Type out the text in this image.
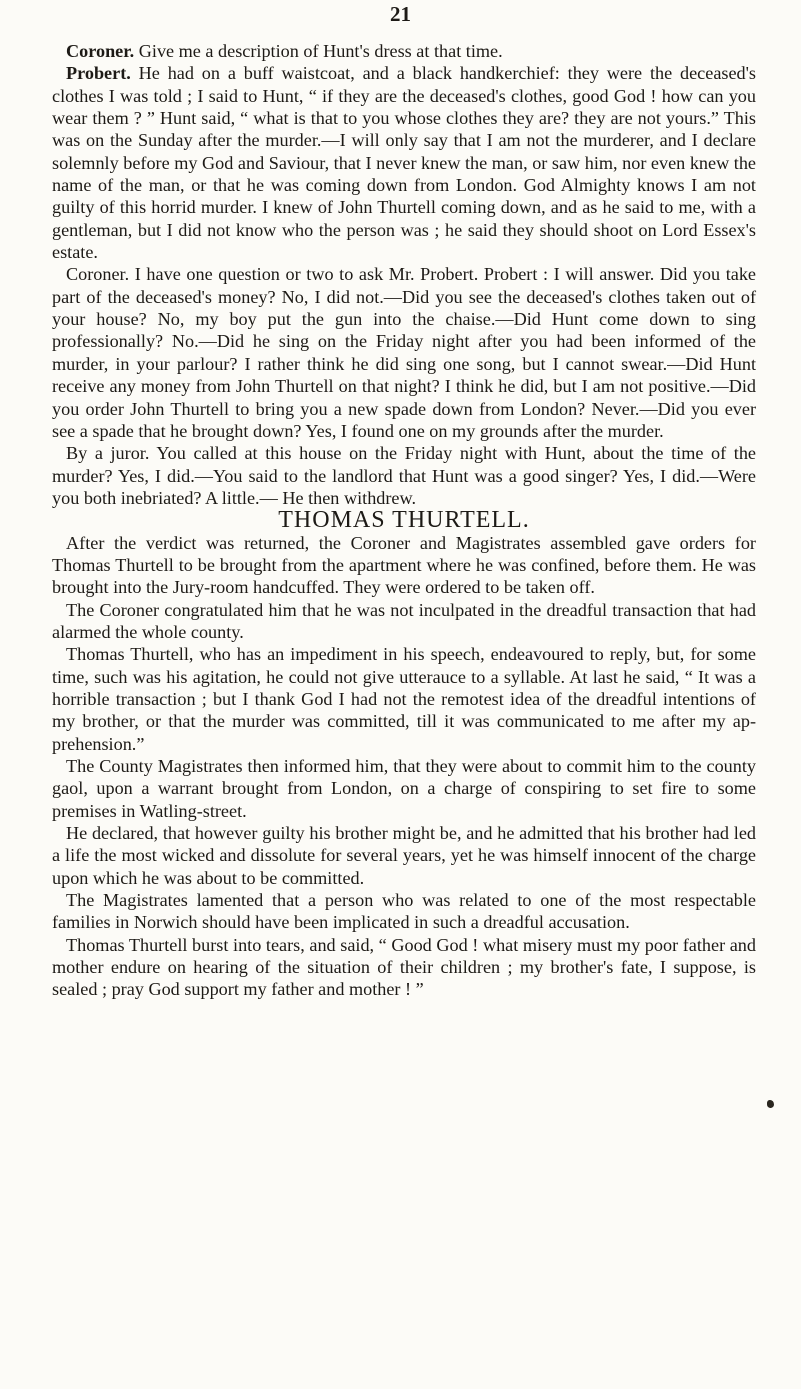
21

Coroner. Give me a description of Hunt's dress at that time.

Probert. He had on a buff waistcoat, and a black handkerchief: they were the deceased's clothes I was told ; I said to Hunt, “ if they are the deceased's clothes, good God ! how can you wear them ? ” Hunt said, “ what is that to you whose clothes they are? they are not yours.” This was on the Sunday after the murder.—I will only say that I am not the murderer, and I declare solemnly before my God and Saviour, that I never knew the man, or saw him, nor even knew the name of the man, or that he was coming down from London. God Almighty knows I am not guilty of this horrid murder. I knew of John Thurtell coming down, and as he said to me, with a gentleman, but I did not know who the person was ; he said they should shoot on Lord Essex's estate.

Coroner. I have one question or two to ask Mr. Probert. Probert : I will answer. Did you take part of the deceased's money? No, I did not.—Did you see the deceased's clothes taken out of your house? No, my boy put the gun into the chaise.—Did Hunt come down to sing professionally? No.—Did he sing on the Friday night after you had been informed of the murder, in your parlour? I rather think he did sing one song, but I cannot swear.—Did Hunt receive any money from John Thurtell on that night? I think he did, but I am not positive.—Did you order John Thurtell to bring you a new spade down from London? Never.—Did you ever see a spade that he brought down? Yes, I found one on my grounds after the murder.

By a juror. You called at this house on the Friday night with Hunt, about the time of the murder? Yes, I did.—You said to the landlord that Hunt was a good singer? Yes, I did.—Were you both inebriated? A little.— He then withdrew.

THOMAS THURTELL.

After the verdict was returned, the Coroner and Magistrates assembled gave orders for Thomas Thurtell to be brought from the apartment where he was confined, before them. He was brought into the Jury-room handcuffed. They were ordered to be taken off.

The Coroner congratulated him that he was not inculpated in the dreadful transaction that had alarmed the whole county.

Thomas Thurtell, who has an impediment in his speech, endeavoured to reply, but, for some time, such was his agitation, he could not give utterauce to a syllable. At last he said, “ It was a horrible transaction ; but I thank God I had not the remotest idea of the dreadful intentions of my brother, or that the murder was committed, till it was communicated to me after my ap-prehension.”

The County Magistrates then informed him, that they were about to commit him to the county gaol, upon a warrant brought from London, on a charge of conspiring to set fire to some premises in Watling-street.

He declared, that however guilty his brother might be, and he admitted that his brother had led a life the most wicked and dissolute for several years, yet he was himself innocent of the charge upon which he was about to be committed.

The Magistrates lamented that a person who was related to one of the most respectable families in Norwich should have been implicated in such a dreadful accusation.

Thomas Thurtell burst into tears, and said, “ Good God ! what misery must my poor father and mother endure on hearing of the situation of their children ; my brother's fate, I suppose, is sealed ; pray God support my father and mother ! ”
